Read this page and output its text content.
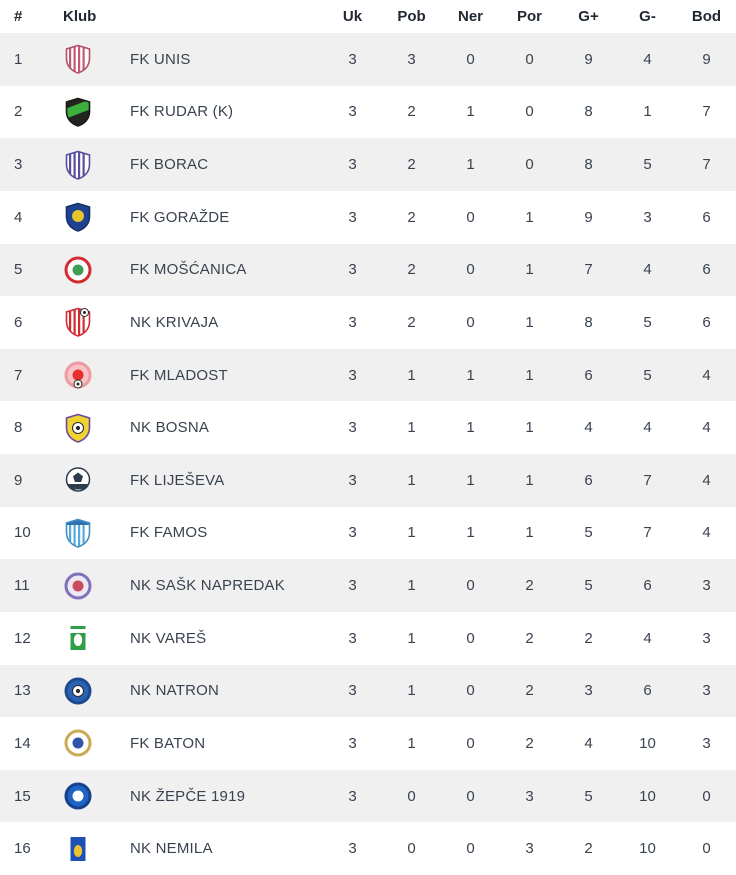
#	Klub	Uk	Pob	Ner	Por	G+	G-	Bod
1	FK UNIS	3	3	0	0	9	4	9
2	FK RUDAR (K)	3	2	1	0	8	1	7
3	FK BORAC	3	2	1	0	8	5	7
4	FK GORAŽDE	3	2	0	1	9	3	6
5	FK MOŠĆANICA	3	2	0	1	7	4	6
6	NK KRIVAJA	3	2	0	1	8	5	6
7	FK MLADOST	3	1	1	1	6	5	4
8	NK BOSNA	3	1	1	1	4	4	4
9	FK LIJEŠEVA	3	1	1	1	6	7	4
10	FK FAMOS	3	1	1	1	5	7	4
11	NK SAŠK NAPREDAK	3	1	0	2	5	6	3
12	NK VAREŠ	3	1	0	2	2	4	3
13	NK NATRON	3	1	0	2	3	6	3
14	FK BATON	3	1	0	2	4	10	3
15	NK ŽEPČE 1919	3	0	0	3	5	10	0
16	NK NEMILA	3	0	0	3	2	10	0
